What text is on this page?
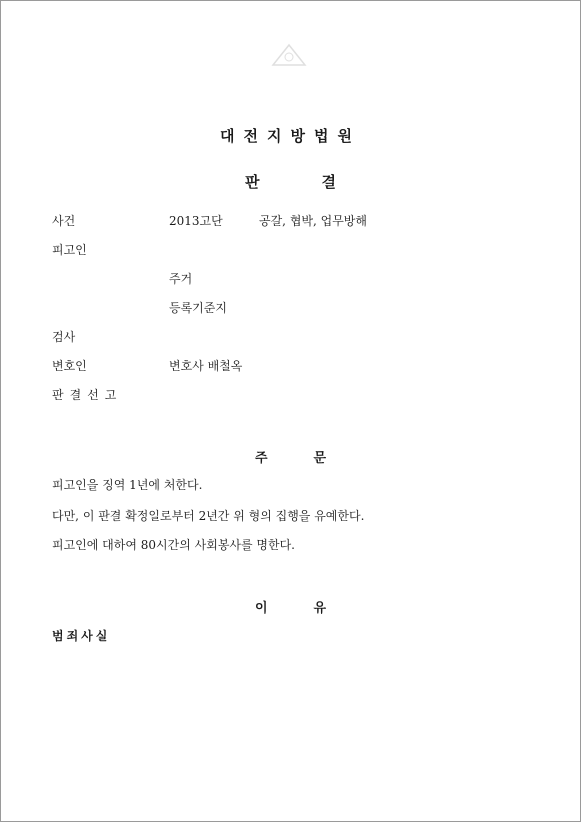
대전지방법원
판	결
사건	2013고단	공갈, 협박, 업무방해
피고인
주거
등록기준지
검사
변호인	변호사 배철옥
판결선고
주	문
피고인을 징역 1년에 처한다.
다만, 이 판결 확정일로부터 2년간 위 형의 집행을 유예한다.
피고인에 대하여 80시간의 사회봉사를 명한다.
이	유
범죄사실
